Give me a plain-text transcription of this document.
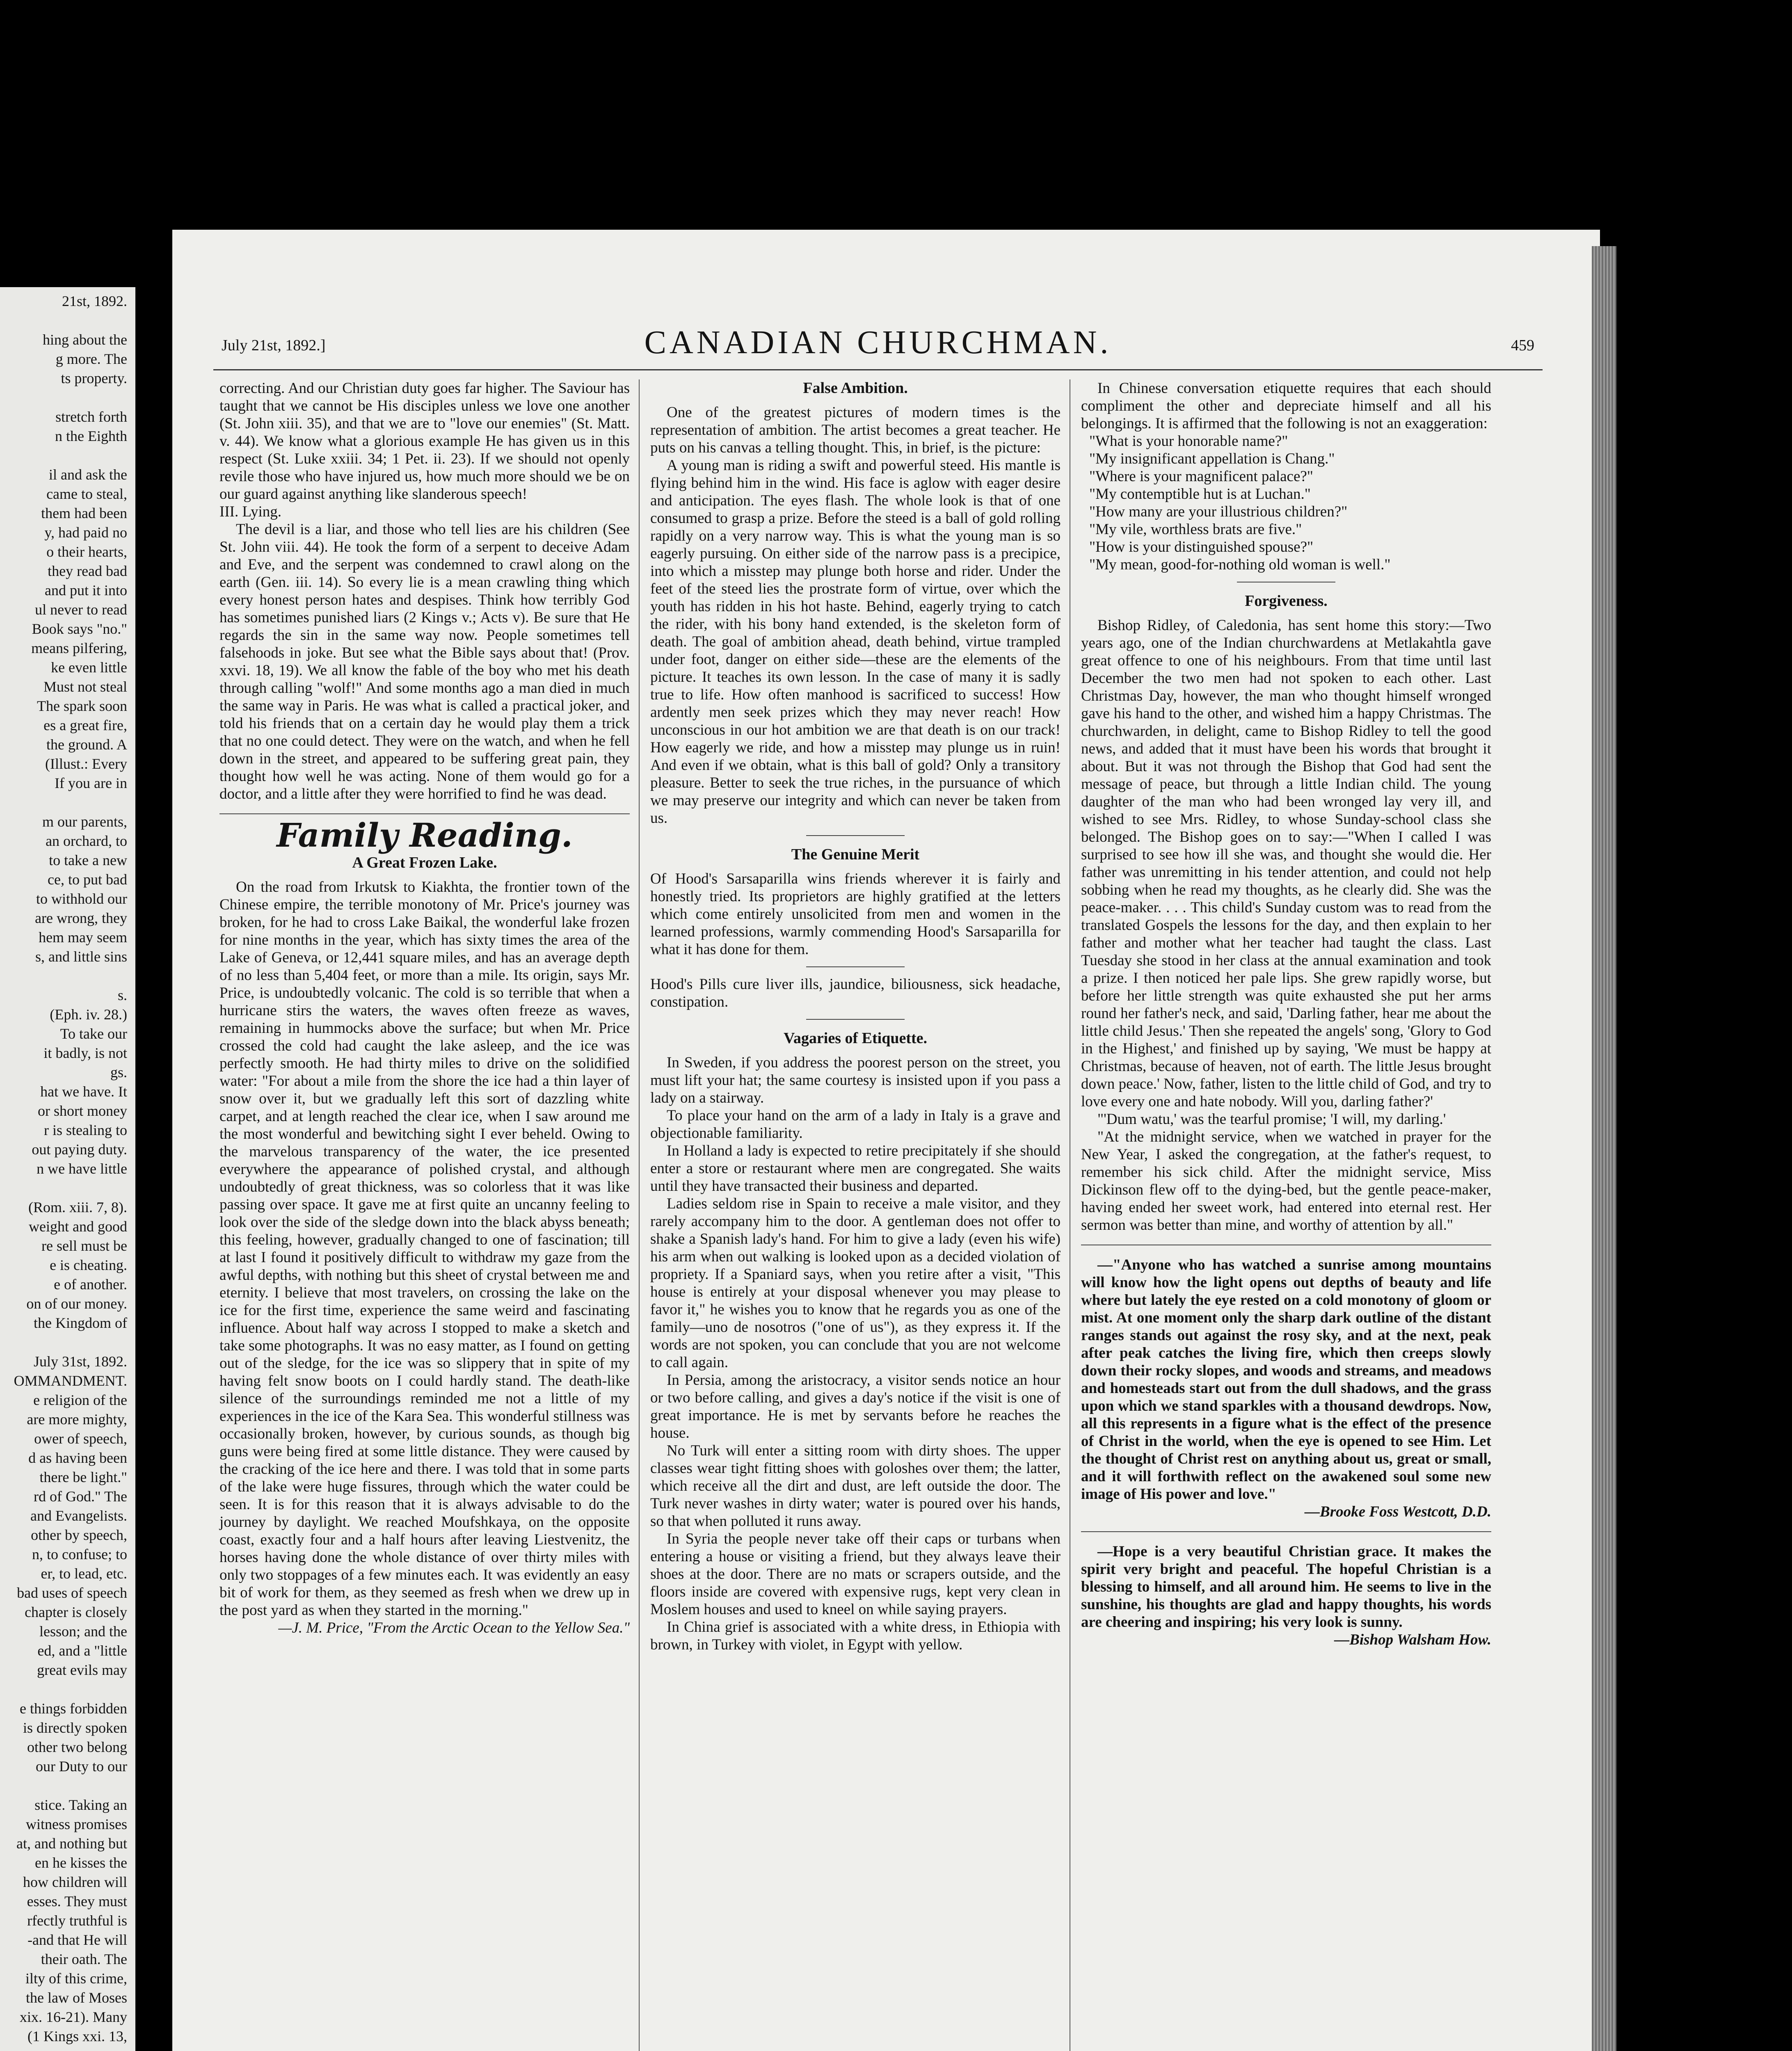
21st, 1892.
hing about the
g more. The
ts property.
stretch forth
n the Eighth
il and ask the
came to steal,
them had been
y, had paid no
o their hearts,
they read bad
and put it into
ul never to read
Book says "no."
means pilfering,
ke even little
Must not steal
The spark soon
es a great fire,
the ground. A
(Illust.: Every
If you are in
m our parents,
an orchard, to
to take a new
ce, to put bad
to withhold our
are wrong, they
hem may seem
s, and little sins
s.
(Eph. iv. 28.)
To take our
it badly, is not
gs.
hat we have. It
or short money
r is stealing to
out paying duty.
n we have little
(Rom. xiii. 7, 8).
weight and good
re sell must be
e is cheating.
e of another.
on of our money.
the Kingdom of
July 31st, 1892.
OMMANDMENT.
e religion of the
are more mighty,
ower of speech,
d as having been
there be light."
rd of God." The
and Evangelists.
other by speech,
n, to confuse; to
er, to lead, etc.
bad uses of speech
chapter is closely
lesson; and the
ed, and a "little
great evils may
e things forbidden
is directly spoken
other two belong
our Duty to our
stice. Taking an
witness promises
at, and nothing but
en he kisses the
how children will
esses. They must
rfectly truthful is
-and that He will
their oath. The
ilty of this crime,
the law of Moses
xix. 16-21). Many
(1 Kings xxi. 13,
July 21st, 1892.]	CANADIAN CHURCHMAN.	459

correcting. And our Christian duty goes far higher. The Saviour has taught that we cannot be His disciples unless we love one another (St. John xiii. 35), and that we are to "love our enemies" (St. Matt. v. 44). We know what a glorious example He has given us in this respect (St. Luke xxiii. 34; 1 Pet. ii. 23). If we should not openly revile those who have injured us, how much more should we be on our guard against anything like slanderous speech!

III. Lying.

The devil is a liar, and those who tell lies are his children (See St. John viii. 44). He took the form of a serpent to deceive Adam and Eve, and the serpent was condemned to crawl along on the earth (Gen. iii. 14). So every lie is a mean crawling thing which every honest person hates and despises. Think how terribly God has sometimes punished liars (2 Kings v.; Acts v). Be sure that He regards the sin in the same way now. People sometimes tell falsehoods in joke. But see what the Bible says about that! (Prov. xxvi. 18, 19). We all know the fable of the boy who met his death through calling "wolf!" And some months ago a man died in much the same way in Paris. He was what is called a practical joker, and told his friends that on a certain day he would play them a trick that no one could detect. They were on the watch, and when he fell down in the street, and appeared to be suffering great pain, they thought how well he was acting. None of them would go for a doctor, and a little after they were horrified to find he was dead.

Family Reading.
A Great Frozen Lake.

On the road from Irkutsk to Kiakhta, the frontier town of the Chinese empire, the terrible monotony of Mr. Price's journey was broken, for he had to cross Lake Baikal, the wonderful lake frozen for nine months in the year, which has sixty times the area of the Lake of Geneva, or 12,441 square miles, and has an average depth of no less than 5,404 feet, or more than a mile. Its origin, says Mr. Price, is undoubtedly volcanic. The cold is so terrible that when a hurricane stirs the waters, the waves often freeze as waves, remaining in hummocks above the surface; but when Mr. Price crossed the cold had caught the lake asleep, and the ice was perfectly smooth. He had thirty miles to drive on the solidified water: "For about a mile from the shore the ice had a thin layer of snow over it, but we gradually left this sort of dazzling white carpet, and at length reached the clear ice, when I saw around me the most wonderful and bewitching sight I ever beheld. Owing to the marvelous transparency of the water, the ice presented everywhere the appearance of polished crystal, and although undoubtedly of great thickness, was so colorless that it was like passing over space. It gave me at first quite an uncanny feeling to look over the side of the sledge down into the black abyss beneath; this feeling, however, gradually changed to one of fascination; till at last I found it positively difficult to withdraw my gaze from the awful depths, with nothing but this sheet of crystal between me and eternity. I believe that most travelers, on crossing the lake on the ice for the first time, experience the same weird and fascinating influence. About half way across I stopped to make a sketch and take some photographs. It was no easy matter, as I found on getting out of the sledge, for the ice was so slippery that in spite of my having felt snow boots on I could hardly stand. The death-like silence of the surroundings reminded me not a little of my experiences in the ice of the Kara Sea. This wonderful stillness was occasionally broken, however, by curious sounds, as though big guns were being fired at some little distance. They were caused by the cracking of the ice here and there. I was told that in some parts of the lake were huge fissures, through which the water could be seen. It is for this reason that it is always advisable to do the journey by daylight. We reached Moufshkaya, on the opposite coast, exactly four and a half hours after leaving Liestvenitz, the horses having done the whole distance of over thirty miles with only two stoppages of a few minutes each. It was evidently an easy bit of work for them, as they seemed as fresh when we drew up in the post yard as when they started in the morning."

—J. M. Price, "From the Arctic Ocean to the Yellow Sea."

False Ambition.

One of the greatest pictures of modern times is the representation of ambition. The artist becomes a great teacher. He puts on his canvas a telling thought. This, in brief, is the picture:

A young man is riding a swift and powerful steed. His mantle is flying behind him in the wind. His face is aglow with eager desire and anticipation. The eyes flash. The whole look is that of one consumed to grasp a prize. Before the steed is a ball of gold rolling rapidly on a very narrow way. This is what the young man is so eagerly pursuing. On either side of the narrow pass is a precipice, into which a misstep may plunge both horse and rider. Under the feet of the steed lies the prostrate form of virtue, over which the youth has ridden in his hot haste. Behind, eagerly trying to catch the rider, with his bony hand extended, is the skeleton form of death. The goal of ambition ahead, death behind, virtue trampled under foot, danger on either side—these are the elements of the picture. It teaches its own lesson. In the case of many it is sadly true to life. How often manhood is sacrificed to success! How ardently men seek prizes which they may never reach! How unconscious in our hot ambition we are that death is on our track! How eagerly we ride, and how a misstep may plunge us in ruin! And even if we obtain, what is this ball of gold? Only a transitory pleasure. Better to seek the true riches, in the pursuance of which we may preserve our integrity and which can never be taken from us.

The Genuine Merit

Of Hood's Sarsaparilla wins friends wherever it is fairly and honestly tried. Its proprietors are highly gratified at the letters which come entirely unsolicited from men and women in the learned professions, warmly commending Hood's Sarsaparilla for what it has done for them.

Hood's Pills cure liver ills, jaundice, biliousness, sick headache, constipation.

Vagaries of Etiquette.

In Sweden, if you address the poorest person on the street, you must lift your hat; the same courtesy is insisted upon if you pass a lady on a stairway.

To place your hand on the arm of a lady in Italy is a grave and objectionable familiarity.

In Holland a lady is expected to retire precipitately if she should enter a store or restaurant where men are congregated. She waits until they have transacted their business and departed.

Ladies seldom rise in Spain to receive a male visitor, and they rarely accompany him to the door. A gentleman does not offer to shake a Spanish lady's hand. For him to give a lady (even his wife) his arm when out walking is looked upon as a decided violation of propriety. If a Spaniard says, when you retire after a visit, "This house is entirely at your disposal whenever you may please to favor it," he wishes you to know that he regards you as one of the family—uno de nosotros ("one of us"), as they express it. If the words are not spoken, you can conclude that you are not welcome to call again.

In Persia, among the aristocracy, a visitor sends notice an hour or two before calling, and gives a day's notice if the visit is one of great importance. He is met by servants before he reaches the house.

No Turk will enter a sitting room with dirty shoes. The upper classes wear tight fitting shoes with goloshes over them; the latter, which receive all the dirt and dust, are left outside the door. The Turk never washes in dirty water; water is poured over his hands, so that when polluted it runs away.

In Syria the people never take off their caps or turbans when entering a house or visiting a friend, but they always leave their shoes at the door. There are no mats or scrapers outside, and the floors inside are covered with expensive rugs, kept very clean in Moslem houses and used to kneel on while saying prayers.

In China grief is associated with a white dress, in Ethiopia with brown, in Turkey with violet, in Egypt with yellow.

In Chinese conversation etiquette requires that each should compliment the other and depreciate himself and all his belongings. It is affirmed that the following is not an exaggeration:

"What is your honorable name?"

"My insignificant appellation is Chang."

"Where is your magnificent palace?"

"My contemptible hut is at Luchan."

"How many are your illustrious children?"

"My vile, worthless brats are five."

"How is your distinguished spouse?"

"My mean, good-for-nothing old woman is well."

Forgiveness.

Bishop Ridley, of Caledonia, has sent home this story:—Two years ago, one of the Indian churchwardens at Metlakahtla gave great offence to one of his neighbours. From that time until last December the two men had not spoken to each other. Last Christmas Day, however, the man who thought himself wronged gave his hand to the other, and wished him a happy Christmas. The churchwarden, in delight, came to Bishop Ridley to tell the good news, and added that it must have been his words that brought it about. But it was not through the Bishop that God had sent the message of peace, but through a little Indian child. The young daughter of the man who had been wronged lay very ill, and wished to see Mrs. Ridley, to whose Sunday-school class she belonged. The Bishop goes on to say:—"When I called I was surprised to see how ill she was, and thought she would die. Her father was unremitting in his tender attention, and could not help sobbing when he read my thoughts, as he clearly did. She was the peace-maker. . . . This child's Sunday custom was to read from the translated Gospels the lessons for the day, and then explain to her father and mother what her teacher had taught the class. Last Tuesday she stood in her class at the annual examination and took a prize. I then noticed her pale lips. She grew rapidly worse, but before her little strength was quite exhausted she put her arms round her father's neck, and said, 'Darling father, hear me about the little child Jesus.' Then she repeated the angels' song, 'Glory to God in the Highest,' and finished up by saying, 'We must be happy at Christmas, because of heaven, not of earth. The little Jesus brought down peace.' Now, father, listen to the little child of God, and try to love every one and hate nobody. Will you, darling father?'

"'Dum watu,' was the tearful promise; 'I will, my darling.'

"At the midnight service, when we watched in prayer for the New Year, I asked the congregation, at the father's request, to remember his sick child. After the midnight service, Miss Dickinson flew off to the dying-bed, but the gentle peace-maker, having ended her sweet work, had entered into eternal rest. Her sermon was better than mine, and worthy of attention by all."

—"Anyone who has watched a sunrise among mountains will know how the light opens out depths of beauty and life where but lately the eye rested on a cold monotony of gloom or mist. At one moment only the sharp dark outline of the distant ranges stands out against the rosy sky, and at the next, peak after peak catches the living fire, which then creeps slowly down their rocky slopes, and woods and streams, and meadows and homesteads start out from the dull shadows, and the grass upon which we stand sparkles with a thousand dewdrops. Now, all this represents in a figure what is the effect of the presence of Christ in the world, when the eye is opened to see Him. Let the thought of Christ rest on anything about us, great or small, and it will forthwith reflect on the awakened soul some new image of His power and love."

—Brooke Foss Westcott, D.D.

—Hope is a very beautiful Christian grace. It makes the spirit very bright and peaceful. The hopeful Christian is a blessing to himself, and all around him. He seems to live in the sunshine, his thoughts are glad and happy thoughts, his words are cheering and inspiring; his very look is sunny.

—Bishop Walsham How.
